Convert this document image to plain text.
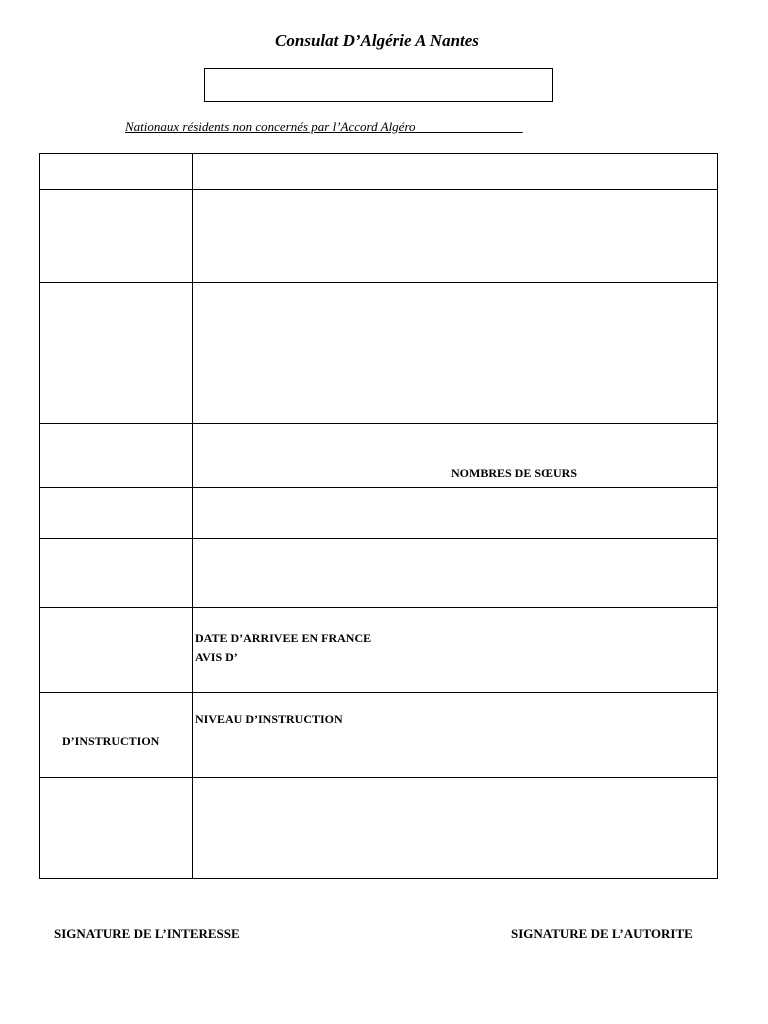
Consulat D’Algérie A Nantes
Nationaux résidents non concernés par l’Accord Algéro

	NOMBRES DE SŒURS

	DATE D’ARRIVEE EN FRANCE
AVIS D’

D’INSTRUCTION	NIVEAU D’INSTRUCTION

SIGNATURE DE L’INTERESSE	SIGNATURE DE L’AUTORITE
